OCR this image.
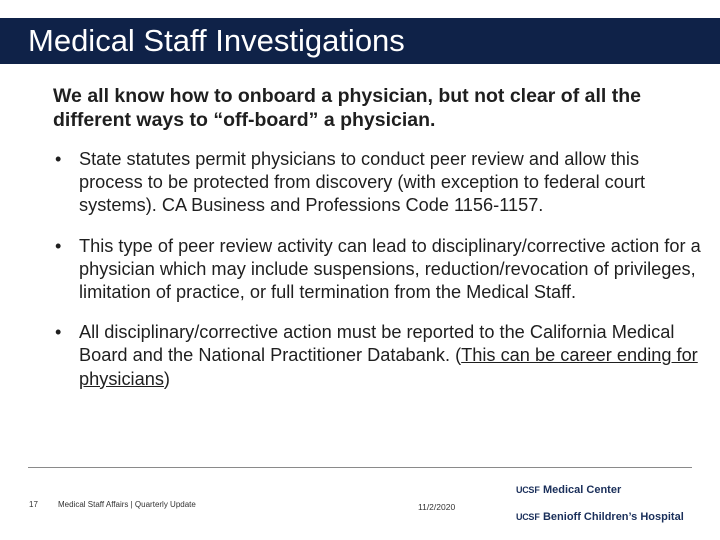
Medical Staff Investigations
We all know how to onboard a physician, but not clear of all the different ways to “off-board” a physician.
• State statutes permit physicians to conduct peer review and allow this process to be protected from discovery (with exception to federal court systems). CA Business and Professions Code 1156-1157.
• This type of peer review activity can lead to disciplinary/corrective action for a physician which may include suspensions, reduction/revocation of privileges, limitation of practice, or full termination from the Medical Staff.
• All disciplinary/corrective action must be reported to the California Medical Board and the National Practitioner Databank. (This can be career ending for physicians)
17	Medical Staff Affairs | Quarterly Update	11/2/2020
UCSF Medical Center
UCSF Benioff Children’s Hospital
